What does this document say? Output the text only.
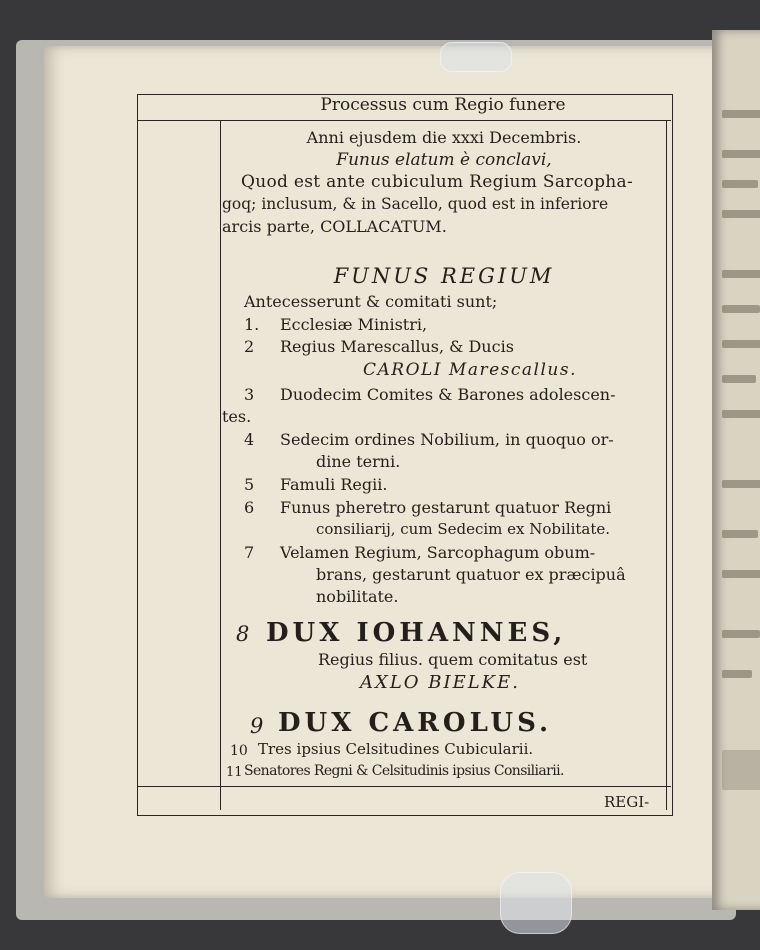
Processus cum Regio funere
Anni ejusdem die xxxi Decembris.
Funus elatum è conclavi,
Quod est ante cubiculum Regium Sarcopha-
goq; inclusum, & in Sacello, quod est in inferiore
arcis parte, COLLACATUM.
FUNUS REGIUM
Antecesserunt & comitati sunt;
1. Ecclesiæ Ministri,
2 Regius Marescallus, & Ducis
CAROLI Marescallus.
3 Duodecim Comites & Barones adolescen-
tes.
4 Sedecim ordines Nobilium, in quoquo or-
dine terni.
5 Famuli Regii.
6 Funus pheretro gestarunt quatuor Regni
consiliarij, cum Sedecim ex Nobilitate.
7 Velamen Regium, Sarcophagum obum-
brans, gestarunt quatuor ex præcipuâ
nobilitate.
8 DUX IOHANNES,
Regius filius. quem comitatus est
AXLO BIELKE.
9 DUX CAROLUS.
10 Tres ipsius Celsitudines Cubicularii.
11 Senatores Regni & Celsitudinis ipsius Consiliarii.
REGI-
